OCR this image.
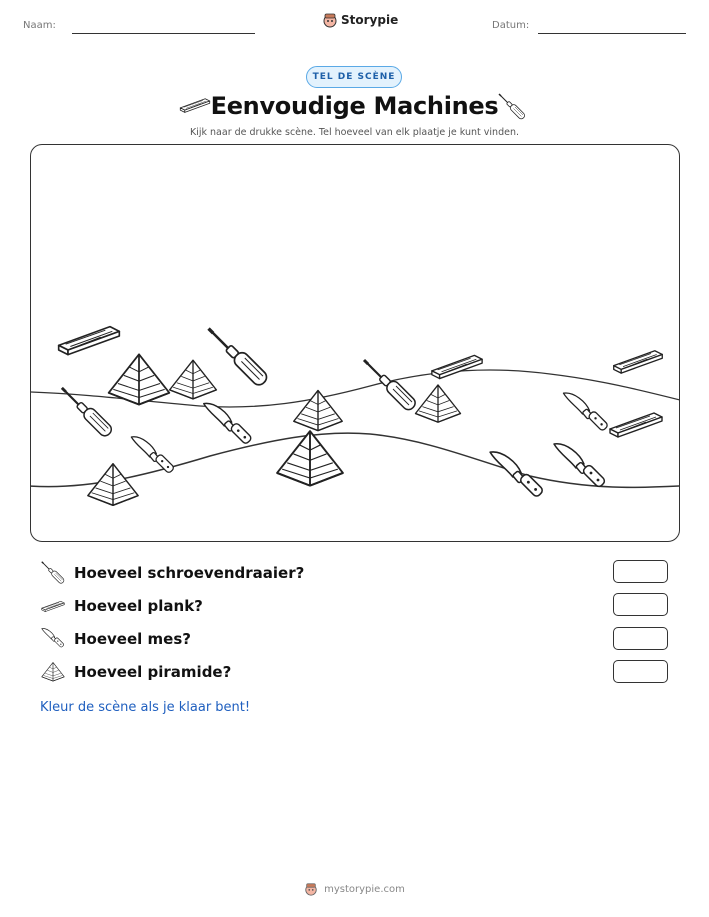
Naam:	Storypie	Datum:
TEL DE SCÈNE
Eenvoudige Machines
Kijk naar de drukke scène. Tel hoeveel van elk plaatje je kunt vinden.
Hoeveel schroevendraaier?
Hoeveel plank?
Hoeveel mes?
Hoeveel piramide?
Kleur de scène als je klaar bent!
mystorypie.com
